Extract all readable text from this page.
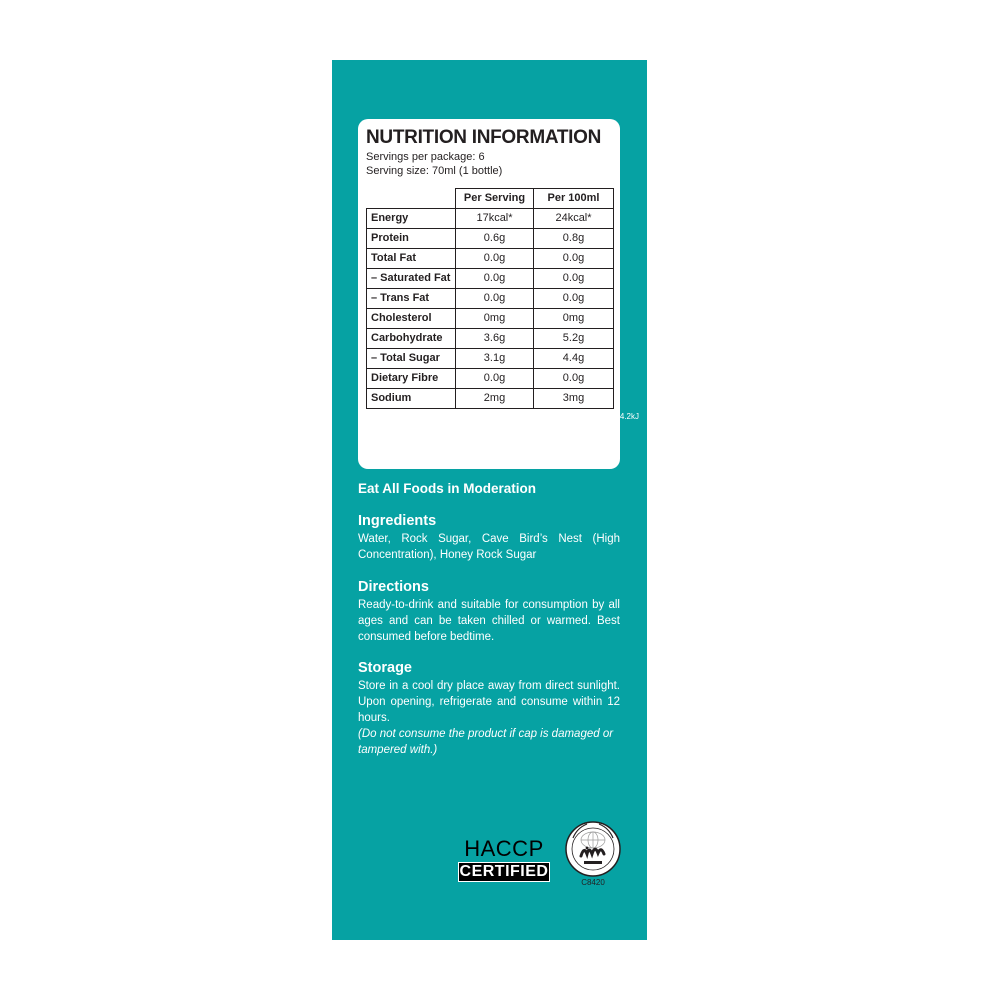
NUTRITION INFORMATION
Servings per package: 6
Serving size: 70ml (1 bottle)
	Per Serving	Per 100ml
Energy	17kcal*	24kcal*
Protein	0.6g	0.8g
Total Fat	0.0g	0.0g
– Saturated Fat	0.0g	0.0g
– Trans Fat	0.0g	0.0g
Cholesterol	0mg	0mg
Carbohydrate	3.6g	5.2g
– Total Sugar	3.1g	4.4g
Dietary Fibre	0.0g	0.0g
Sodium	2mg	3mg
*1 kcal = 4.2kJ

25% lower in sugar as compared to regular asian drinks

Eat All Foods in Moderation

Ingredients

Water, Rock Sugar, Cave Bird’s Nest (High Concentration), Honey Rock Sugar

Directions

Ready-to-drink and suitable for consumption by all ages and can be taken chilled or warmed. Best consumed before bedtime.

Storage

Store in a cool dry place away from direct sunlight. Upon opening, refrigerate and consume within 12 hours.

(Do not consume the product if cap is damaged or tampered with.)

HACCP
CERTIFIED
C8420
